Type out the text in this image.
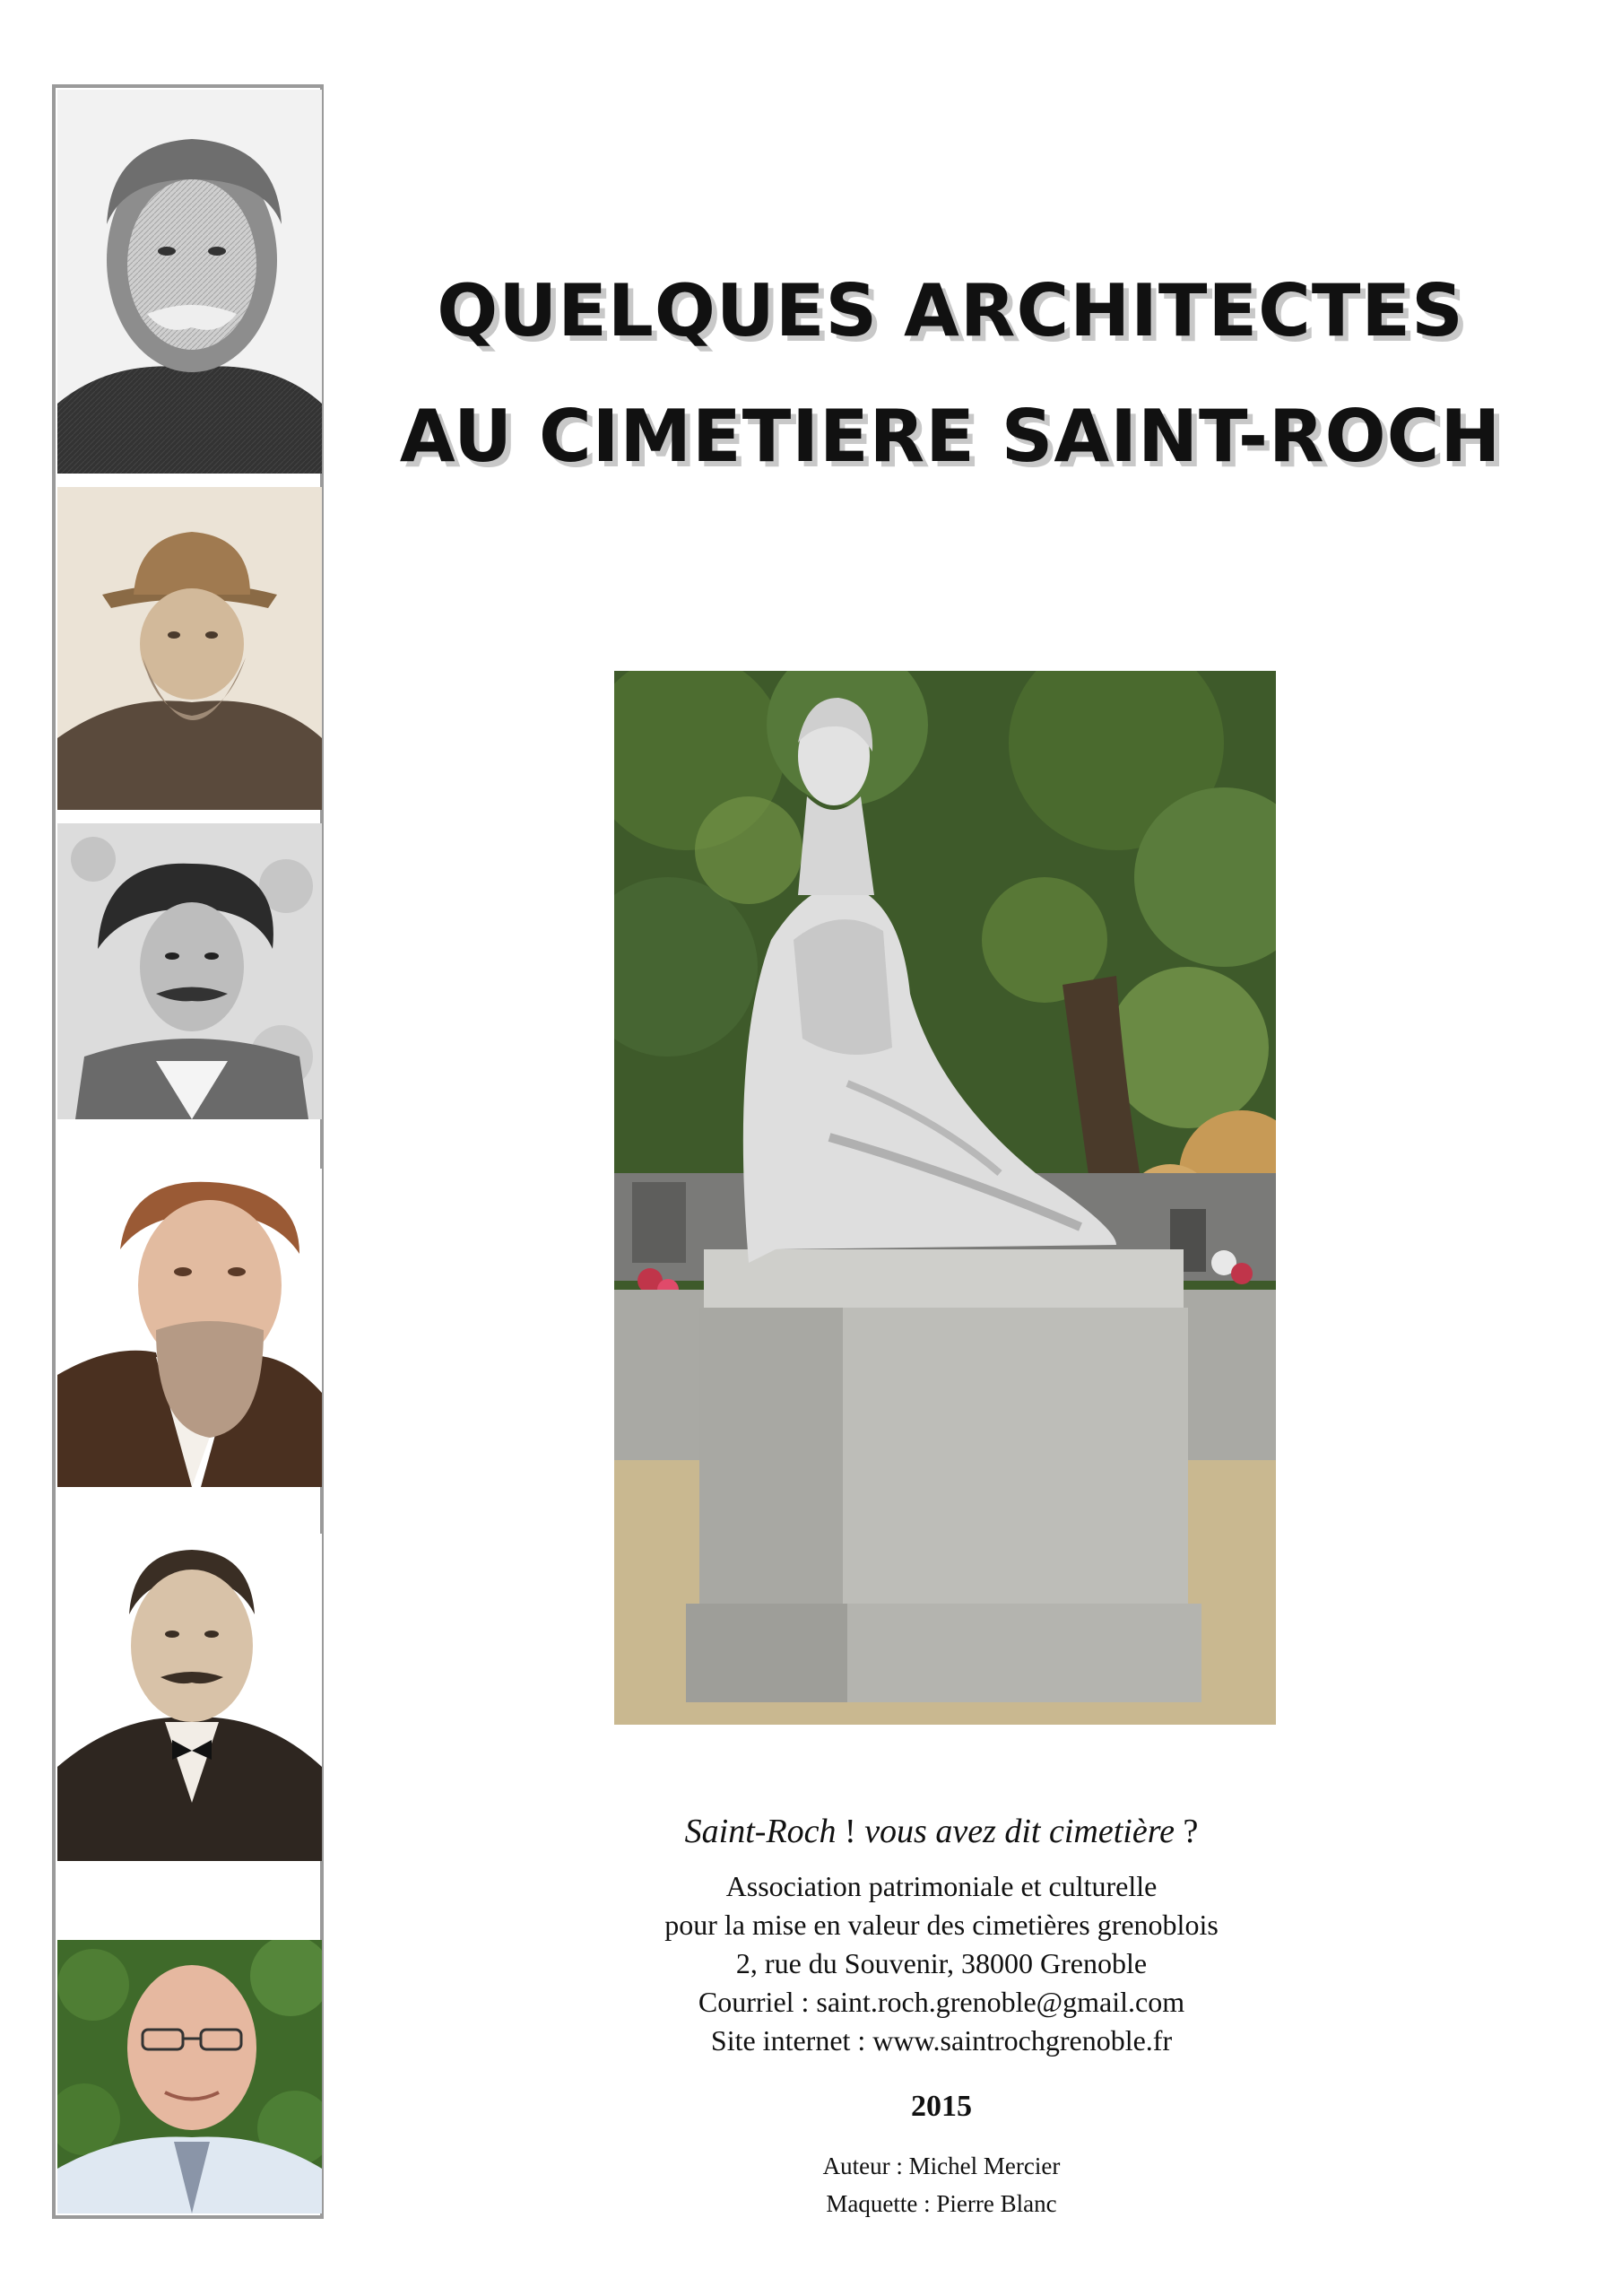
QUELQUES ARCHITECTES
AU CIMETIERE SAINT-ROCH

Saint-Roch ! vous avez dit cimetière ?

Association patrimoniale et culturelle
pour la mise en valeur des cimetières grenoblois
2, rue du Souvenir, 38000 Grenoble
Courriel : saint.roch.grenoble@gmail.com
Site internet : www.saintrochgrenoble.fr

2015

Auteur : Michel Mercier

Maquette : Pierre Blanc
